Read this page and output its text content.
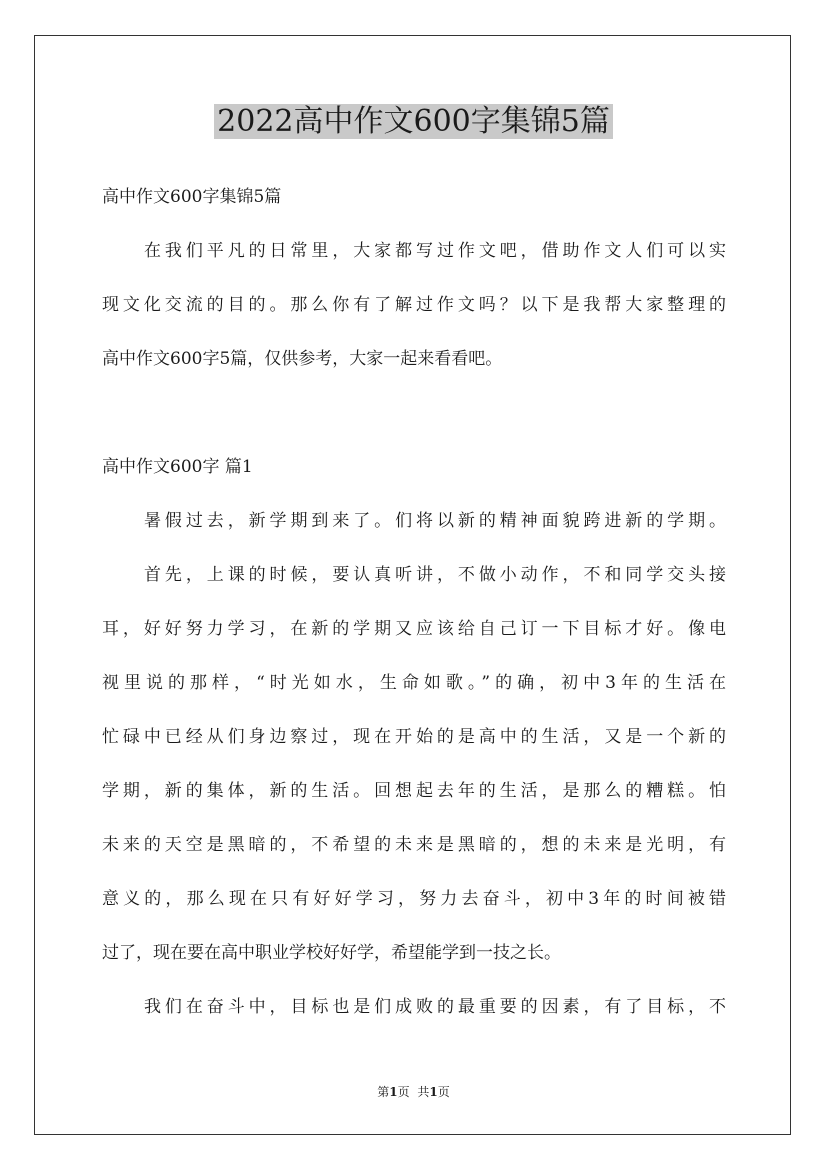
2022高中作文600字集锦5篇
高中作文600字集锦5篇
在我们平凡的日常里，大家都写过作文吧，借助作文人们可以实
现文化交流的目的。那么你有了解过作文吗？以下是我帮大家整理的
高中作文600字5篇，仅供参考，大家一起来看看吧。
高中作文600字 篇1
暑假过去，新学期到来了。们将以新的精神面貌跨进新的学期。
首先，上课的时候，要认真听讲，不做小动作，不和同学交头接
耳，好好努力学习，在新的学期又应该给自己订一下目标才好。像电
视里说的那样，“时光如水，生命如歌。”的确，初中3年的生活在
忙碌中已经从们身边察过，现在开始的是高中的生活，又是一个新的
学期，新的集体，新的生活。回想起去年的生活，是那么的糟糕。怕
未来的天空是黑暗的，不希望的未来是黑暗的，想的未来是光明，有
意义的，那么现在只有好好学习，努力去奋斗，初中3年的时间被错
过了，现在要在高中职业学校好好学，希望能学到一技之长。
我们在奋斗中，目标也是们成败的最重要的因素，有了目标，不
第1页 共1页
